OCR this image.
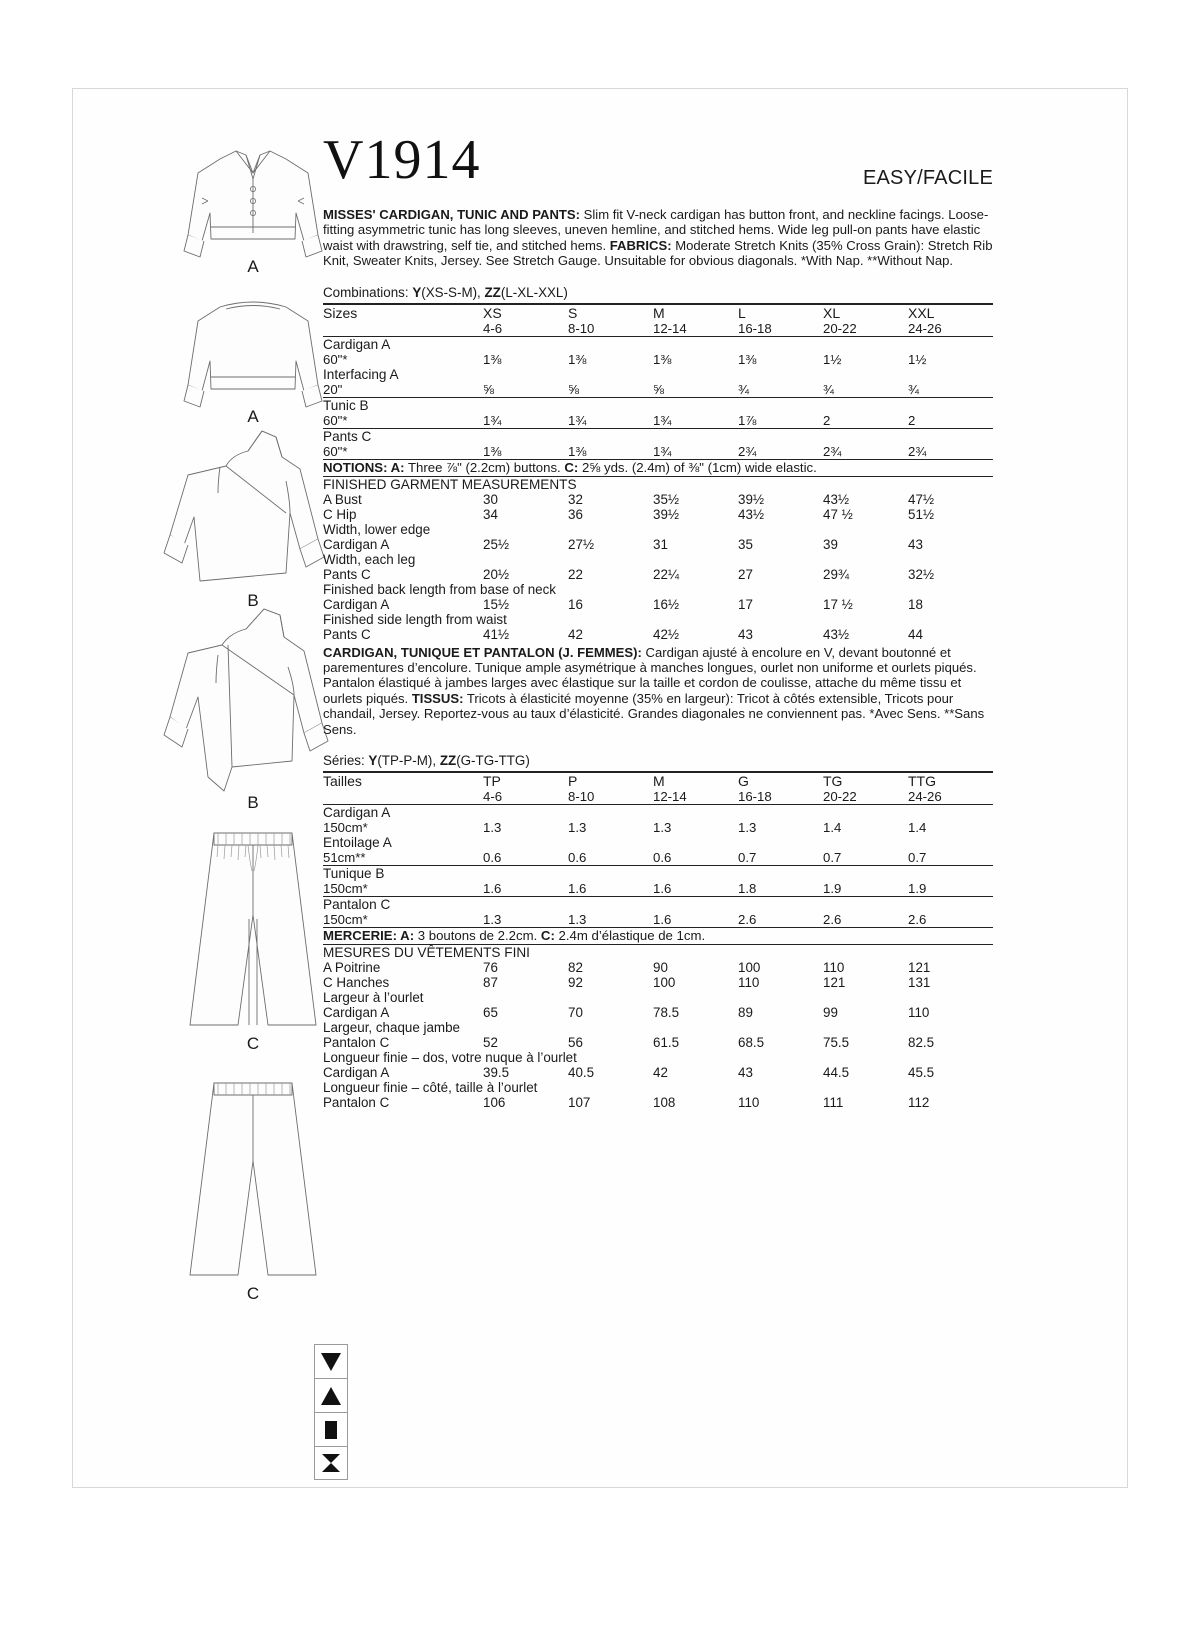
A
A
B
B
C
C
V1914	EASY/FACILE
MISSES' CARDIGAN, TUNIC AND PANTS: Slim fit V-neck cardigan has button front, and neckline facings. Loose-fitting asymmetric tunic has long sleeves, uneven hemline, and stitched hems. Wide leg pull-on pants have elastic waist with drawstring, self tie, and stitched hems. FABRICS: Moderate Stretch Knits (35% Cross Grain): Stretch Rib Knit, Sweater Knits, Jersey. See Stretch Gauge. Unsuitable for obvious diagonals. *With Nap. **Without Nap.
Combinations: Y(XS-S-M), ZZ(L-XL-XXL)
Sizes	XS	S	M	L	XL	XXL
	4-6	8-10	12-14	16-18	20-22	24-26
Cardigan A						
60"*	1⅜	1⅜	1⅜	1⅜	1½	1½
Interfacing A						
20"	⅝	⅝	⅝	¾	¾	¾
Tunic B						
60"*	1¾	1¾	1¾	1⅞	2	2
Pants C						
60"*	1⅜	1⅜	1¾	2¾	2¾	2¾
NOTIONS: A: Three ⅞" (2.2cm) buttons. C: 2⅝ yds. (2.4m) of ⅜" (1cm) wide elastic.						
FINISHED GARMENT MEASUREMENTS						
A Bust	30	32	35½	39½	43½	47½
C Hip	34	36	39½	43½	47 ½	51½
Width, lower edge						
Cardigan A	25½	27½	31	35	39	43
Width, each leg						
Pants C	20½	22	22¼	27	29¾	32½
Finished back length from base of neck						
Cardigan A	15½	16	16½	17	17 ½	18
Finished side length from waist						
Pants C	41½	42	42½	43	43½	44
CARDIGAN, TUNIQUE ET PANTALON (J. FEMMES): Cardigan ajusté à encolure en V, devant boutonné et parementures d’encolure. Tunique ample asymétrique à manches longues, ourlet non uniforme et ourlets piqués. Pantalon élastiqué à jambes larges avec élastique sur la taille et cordon de coulisse, attache du même tissu et ourlets piqués. TISSUS: Tricots à élasticité moyenne (35% en largeur): Tricot à côtés extensible, Tricots pour chandail, Jersey. Reportez-vous au taux d’élasticité. Grandes diagonales ne conviennent pas. *Avec Sens. **Sans Sens.
Séries: Y(TP-P-M), ZZ(G-TG-TTG)
Tailles	TP	P	M	G	TG	TTG
	4-6	8-10	12-14	16-18	20-22	24-26
Cardigan A						
150cm*	1.3	1.3	1.3	1.3	1.4	1.4
Entoilage A						
51cm**	0.6	0.6	0.6	0.7	0.7	0.7
Tunique B						
150cm*	1.6	1.6	1.6	1.8	1.9	1.9
Pantalon C						
150cm*	1.3	1.3	1.6	2.6	2.6	2.6
MERCERIE: A: 3 boutons de 2.2cm. C: 2.4m d’élastique de 1cm.						
MESURES DU VÊTEMENTS FINI						
A Poitrine	76	82	90	100	110	121
C Hanches	87	92	100	110	121	131
Largeur à l’ourlet						
Cardigan A	65	70	78.5	89	99	110
Largeur, chaque jambe						
Pantalon C	52	56	61.5	68.5	75.5	82.5
Longueur finie – dos, votre nuque à l’ourlet						
Cardigan A	39.5	40.5	42	43	44.5	45.5
Longueur finie – côté, taille à l’ourlet						
Pantalon C	106	107	108	110	111	112
